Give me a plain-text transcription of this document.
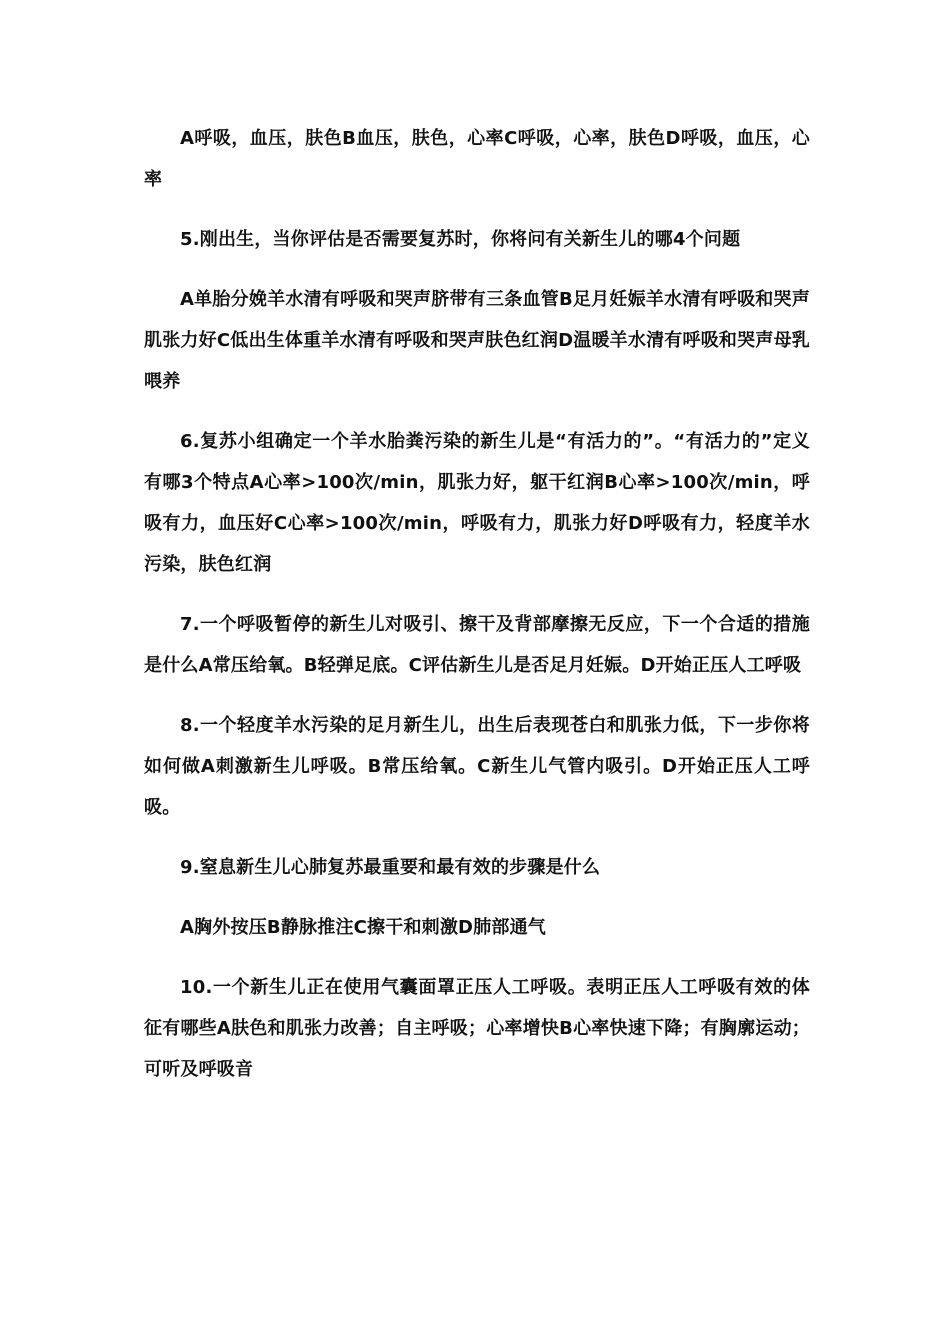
A呼吸，血压，肤色B血压，肤色，心率C呼吸，心率，肤色D呼吸，血压，心率

5.刚出生，当你评估是否需要复苏时，你将问有关新生儿的哪4个问题

A单胎分娩羊水清有呼吸和哭声脐带有三条血管B足月妊娠羊水清有呼吸和哭声肌张力好C低出生体重羊水清有呼吸和哭声肤色红润D温暖羊水清有呼吸和哭声母乳喂养

6.复苏小组确定一个羊水胎粪污染的新生儿是“有活力的”。“有活力的”定义有哪3个特点A心率>100次/min，肌张力好，躯干红润B心率>100次/min，呼吸有力，血压好C心率>100次/min，呼吸有力，肌张力好D呼吸有力，轻度羊水污染，肤色红润

7.一个呼吸暂停的新生儿对吸引、擦干及背部摩擦无反应，下一个合适的措施是什么A常压给氧。B轻弹足底。C评估新生儿是否足月妊娠。D开始正压人工呼吸

8.一个轻度羊水污染的足月新生儿，出生后表现苍白和肌张力低，下一步你将如何做A刺激新生儿呼吸。B常压给氧。C新生儿气管内吸引。D开始正压人工呼吸。

9.窒息新生儿心肺复苏最重要和最有效的步骤是什么

A胸外按压B静脉推注C擦干和刺激D肺部通气

10.一个新生儿正在使用气囊面罩正压人工呼吸。表明正压人工呼吸有效的体征有哪些A肤色和肌张力改善；自主呼吸；心率增快B心率快速下降；有胸廓运动；可听及呼吸音
